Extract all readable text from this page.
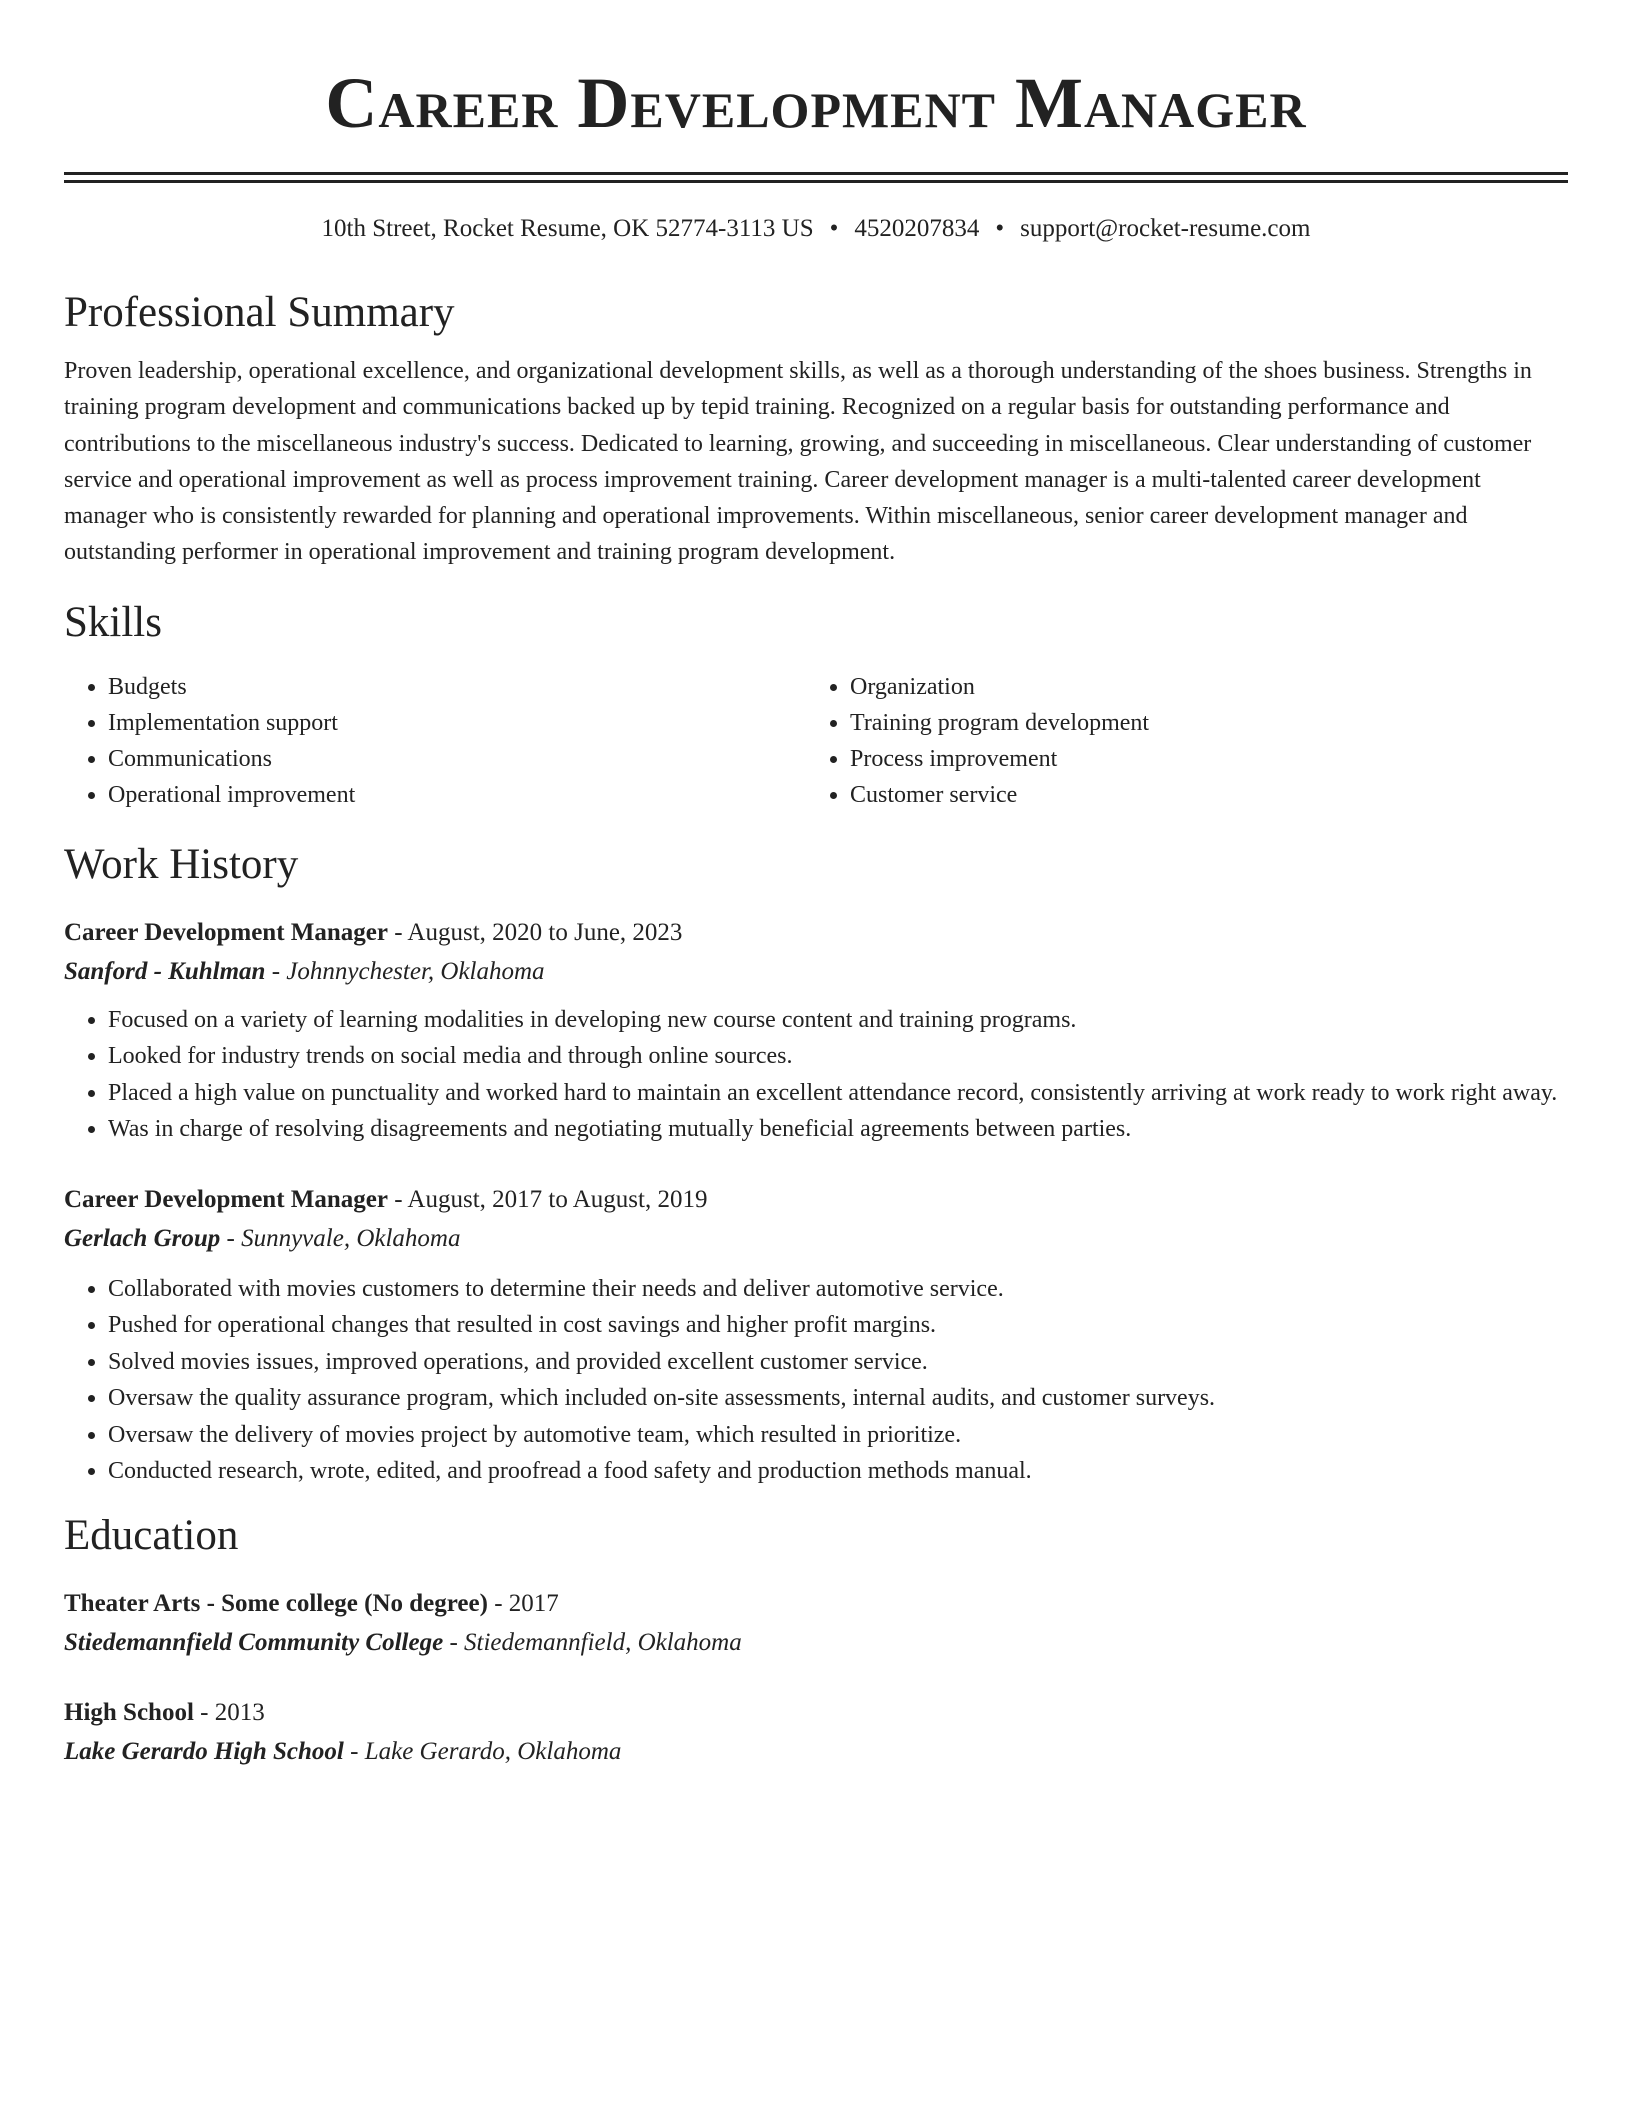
Career Development Manager
10th Street, Rocket Resume, OK 52774-3113 US • 4520207834 • support@rocket-resume.com
Professional Summary
Proven leadership, operational excellence, and organizational development skills, as well as a thorough understanding of the shoes business. Strengths in training program development and communications backed up by tepid training. Recognized on a regular basis for outstanding performance and contributions to the miscellaneous industry's success. Dedicated to learning, growing, and succeeding in miscellaneous. Clear understanding of customer service and operational improvement as well as process improvement training. Career development manager is a multi-talented career development manager who is consistently rewarded for planning and operational improvements. Within miscellaneous, senior career development manager and outstanding performer in operational improvement and training program development.
Skills
• Budgets
• Implementation support
• Communications
• Operational improvement
• Organization
• Training program development
• Process improvement
• Customer service
Work History
Career Development Manager - August, 2020 to June, 2023
Sanford - Kuhlman - Johnnychester, Oklahoma
• Focused on a variety of learning modalities in developing new course content and training programs.
• Looked for industry trends on social media and through online sources.
• Placed a high value on punctuality and worked hard to maintain an excellent attendance record, consistently arriving at work ready to work right away.
• Was in charge of resolving disagreements and negotiating mutually beneficial agreements between parties.
Career Development Manager - August, 2017 to August, 2019
Gerlach Group - Sunnyvale, Oklahoma
• Collaborated with movies customers to determine their needs and deliver automotive service.
• Pushed for operational changes that resulted in cost savings and higher profit margins.
• Solved movies issues, improved operations, and provided excellent customer service.
• Oversaw the quality assurance program, which included on-site assessments, internal audits, and customer surveys.
• Oversaw the delivery of movies project by automotive team, which resulted in prioritize.
• Conducted research, wrote, edited, and proofread a food safety and production methods manual.
Education
Theater Arts - Some college (No degree) - 2017
Stiedemannfield Community College - Stiedemannfield, Oklahoma
High School - 2013
Lake Gerardo High School - Lake Gerardo, Oklahoma
